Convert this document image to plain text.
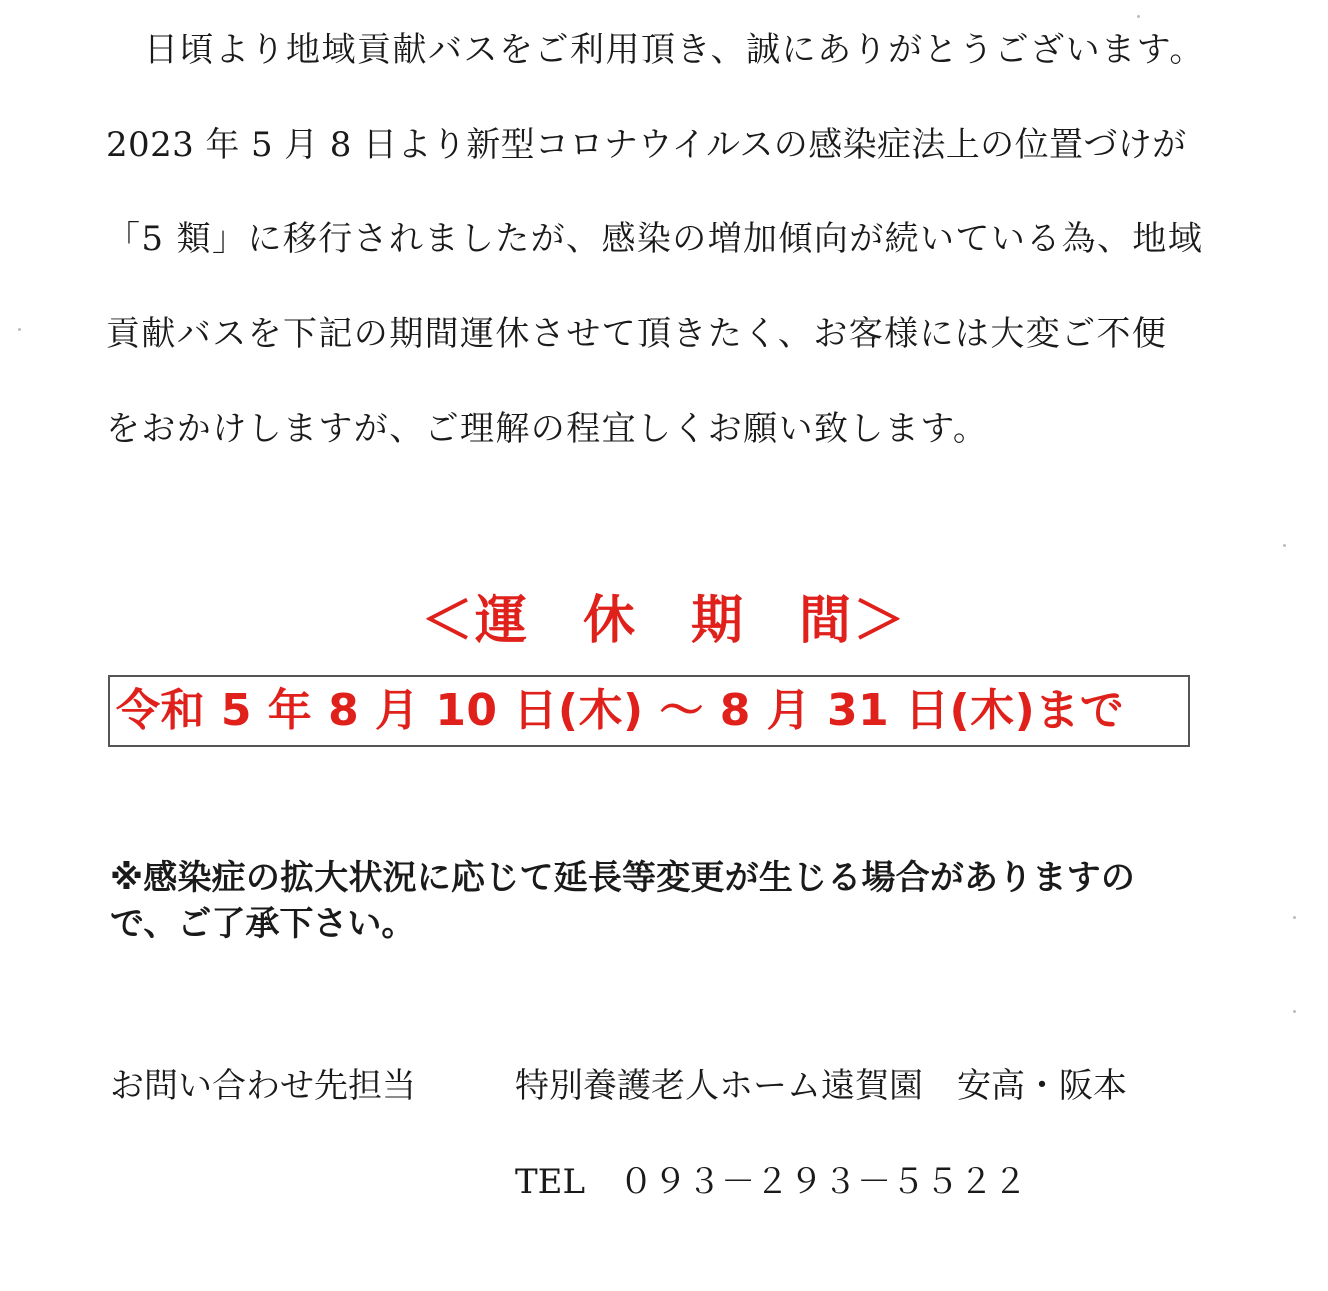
日頃より地域貢献バスをご利用頂き、誠にありがとうございます。
2023 年 5 月 8 日より新型コロナウイルスの感染症法上の位置づけが
「5 類」に移行されましたが、感染の増加傾向が続いている為、地域
貢献バスを下記の期間運休させて頂きたく、お客様には大変ご不便
をおかけしますが、ご理解の程宜しくお願い致します。
＜運　休　期　間＞
令和 5 年 8 月 10 日(木) ～ 8 月 31 日(木)まで
※感染症の拡大状況に応じて延長等変更が生じる場合がありますの
で、ご了承下さい。
お問い合わせ先担当	特別養護老人ホーム遠賀園　安高・阪本
TEL　０９３－２９３－５５２２
